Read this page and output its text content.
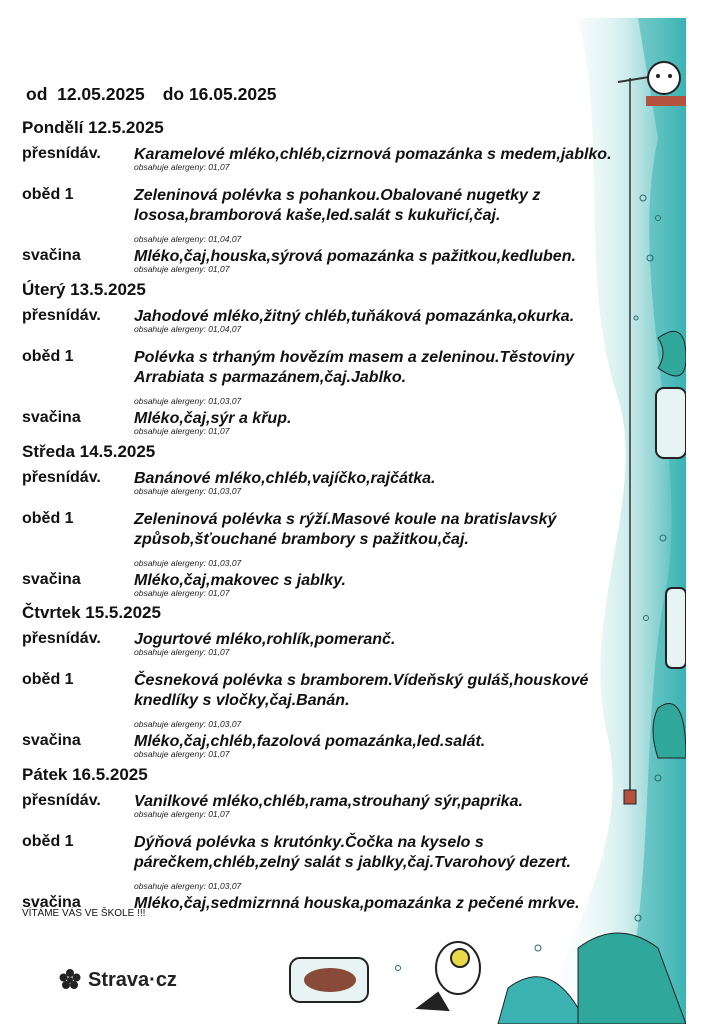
od  12.05.2025 do 16.05.2025
Pondělí 12.5.2025
přesnídáv. Karamelové mléko,chléb,cizrnová pomazánka s medem,jablko.
obsahuje alergeny: 01,07
oběd 1	Zeleninová polévka s pohankou.Obalované nugetky z
lososa,bramborová kaše,led.salát s kukuřicí,čaj.
obsahuje alergeny: 01,04,07
svačina	Mléko,čaj,houska,sýrová pomazánka s pažitkou,kedluben.
obsahuje alergeny: 01,07
Úterý 13.5.2025
přesnídáv. Jahodové mléko,žitný chléb,tuňáková pomazánka,okurka.
obsahuje alergeny: 01,04,07
oběd 1	Polévka s trhaným hovězím masem a zeleninou.Těstoviny
Arrabiata s parmazánem,čaj.Jablko.
obsahuje alergeny: 01,03,07
svačina	Mléko,čaj,sýr a křup.
obsahuje alergeny: 01,07
Středa 14.5.2025
přesnídáv. Banánové mléko,chléb,vajíčko,rajčátka.
obsahuje alergeny: 01,03,07
oběd 1	Zeleninová polévka s rýží.Masové koule na bratislavský
způsob,šťouchané brambory s pažitkou,čaj.
obsahuje alergeny: 01,03,07
svačina	Mléko,čaj,makovec s jablky.
obsahuje alergeny: 01,07
Čtvrtek 15.5.2025
přesnídáv. Jogurtové mléko,rohlík,pomeranč.
obsahuje alergeny: 01,07
oběd 1	Česneková polévka s bramborem.Vídeňský guláš,houskové
knedlíky s vločky,čaj.Banán.
obsahuje alergeny: 01,03,07
svačina	Mléko,čaj,chléb,fazolová pomazánka,led.salát.
obsahuje alergeny: 01,07
Pátek 16.5.2025
přesnídáv. Vanilkové mléko,chléb,rama,strouhaný sýr,paprika.
obsahuje alergeny: 01,07
oběd 1	Dýňová polévka s krutónky.Čočka na kyselo s
párečkem,chléb,zelný salát s jablky,čaj.Tvarohový dezert.
obsahuje alergeny: 01,03,07
svačina	Mléko,čaj,sedmizrnná houska,pomazánka z pečené mrkve.
VÍTÁME VÁS VE ŠKOLE !!!
Strava·cz
